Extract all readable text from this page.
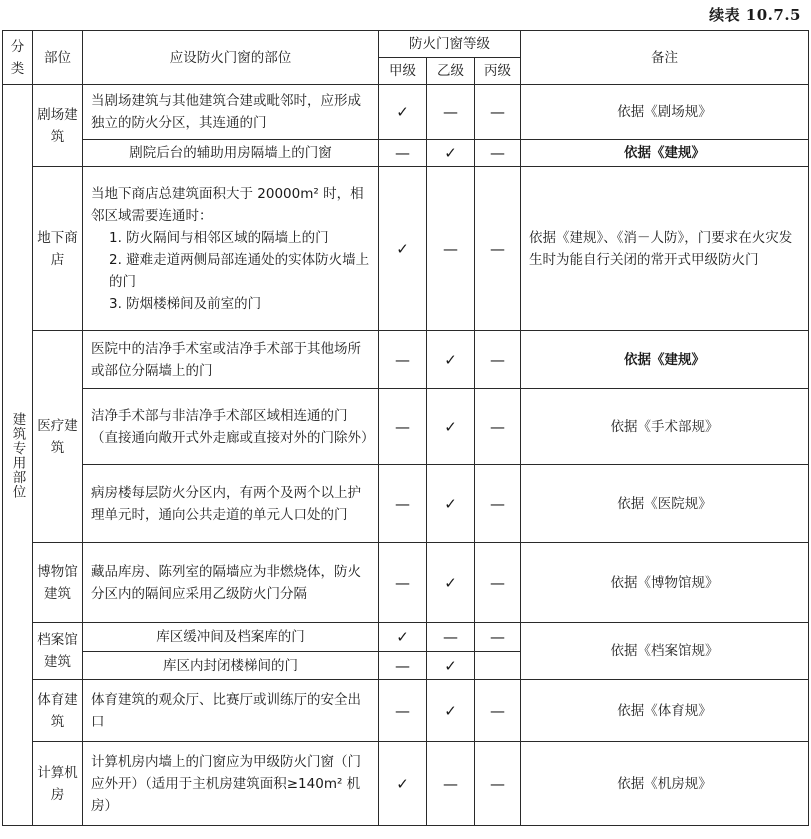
续表 10.7.5
分类	部位	应设防火门窗的部位	防火门窗等级			备注
			甲级	乙级	丙级	
建筑专用部位	剧场建筑	当剧场建筑与其他建筑合建或毗邻时，应形成独立的防火分区，其连通的门	✓	—	—	依据《剧场规》
		剧院后台的辅助用房隔墙上的门窗	—	✓	—	依据《建规》
	地下商店	当地下商店总建筑面积大于 20000m² 时，相邻区域需要连通时：
1. 防火隔间与相邻区域的隔墙上的门
2. 避难走道两侧局部连通处的实体防火墙上的门
3. 防烟楼梯间及前室的门	✓	—	—	依据《建规》、《消－人防》，门要求在火灾发生时为能自行关闭的常开式甲级防火门
	医疗建筑	医院中的洁净手术室或洁净手术部于其他场所或部位分隔墙上的门	—	✓	—	依据《建规》
		洁净手术部与非洁净手术部区域相连通的门（直接通向敞开式外走廊或直接对外的门除外）	—	✓	—	依据《手术部规》
		病房楼每层防火分区内，有两个及两个以上护理单元时，通向公共走道的单元人口处的门	—	✓	—	依据《医院规》
	博物馆建筑	藏品库房、陈列室的隔墙应为非燃烧体，防火分区内的隔间应采用乙级防火门分隔	—	✓	—	依据《博物馆规》
	档案馆建筑	库区缓冲间及档案库的门	✓	—	—	依据《档案馆规》
		库区内封闭楼梯间的门	—	✓		
	体育建筑	体育建筑的观众厅、比赛厅或训练厅的安全出口	—	✓	—	依据《体育规》
	计算机房	计算机房内墙上的门窗应为甲级防火门窗（门应外开）（适用于主机房建筑面积≥140m² 机房）	✓	—	—	依据《机房规》
